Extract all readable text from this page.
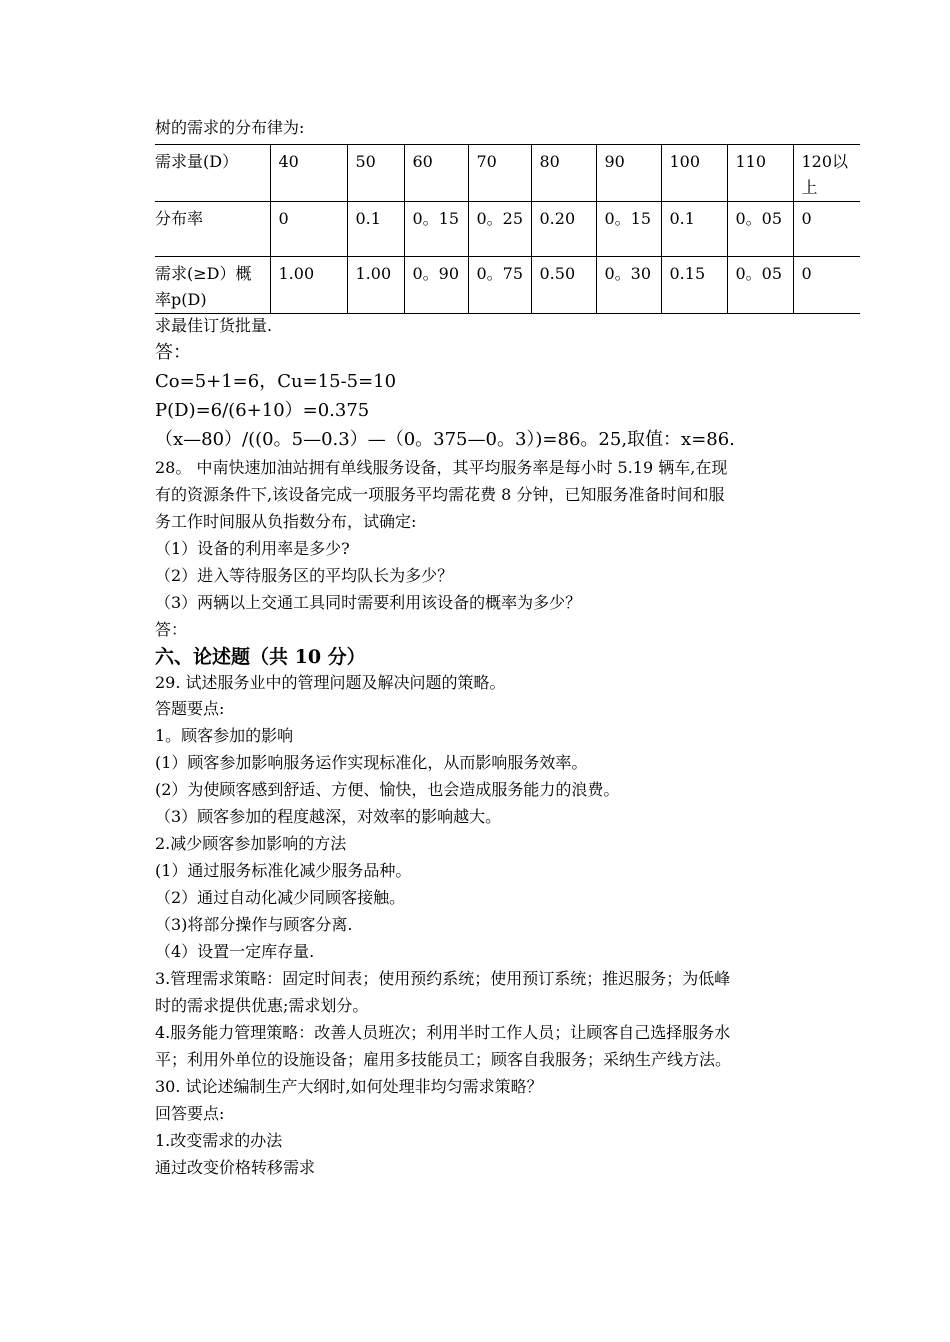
树的需求的分布律为:
需求量(D）	40	50	60	70	80	90	100	110	120以上
分布率	0	0.1	0。15	0。25	0.20	0。15	0.1	0。05	0
需求(≥D）概率p(D)	1.00	1.00	0。90	0。75	0.50	0。30	0.15	0。05	0
求最佳订货批量.
答：
Co=5+1=6，Cu=15-5=10
P(D)=6/(6+10）=0.375
（x—80）/((0。5—0.3）—（0。375—0。3）)=86。25,取值：x=86.
28。 中南快速加油站拥有单线服务设备，其平均服务率是每小时 5.19 辆车,在现
有的资源条件下,该设备完成一项服务平均需花费 8 分钟，已知服务准备时间和服
务工作时间服从负指数分布，试确定:
（1）设备的利用率是多少?
（2）进入等待服务区的平均队长为多少？
（3）两辆以上交通工具同时需要利用该设备的概率为多少？
答：
六、论述题（共 10 分）
29. 试述服务业中的管理问题及解决问题的策略。
答题要点:
1。顾客参加的影响
(1）顾客参加影响服务运作实现标准化，从而影响服务效率。
(2）为使顾客感到舒适、方便、愉快，也会造成服务能力的浪费。
（3）顾客参加的程度越深，对效率的影响越大。
2.减少顾客参加影响的方法
(1）通过服务标准化减少服务品种。
（2）通过自动化减少同顾客接触。
（3)将部分操作与顾客分离.
（4）设置一定库存量.
3.管理需求策略：固定时间表；使用预约系统；使用预订系统；推迟服务；为低峰
时的需求提供优惠;需求划分。
4.服务能力管理策略：改善人员班次；利用半时工作人员；让顾客自己选择服务水
平；利用外单位的设施设备；雇用多技能员工；顾客自我服务；采纳生产线方法。
30. 试论述编制生产大纲时,如何处理非均匀需求策略？
回答要点:
1.改变需求的办法
通过改变价格转移需求
